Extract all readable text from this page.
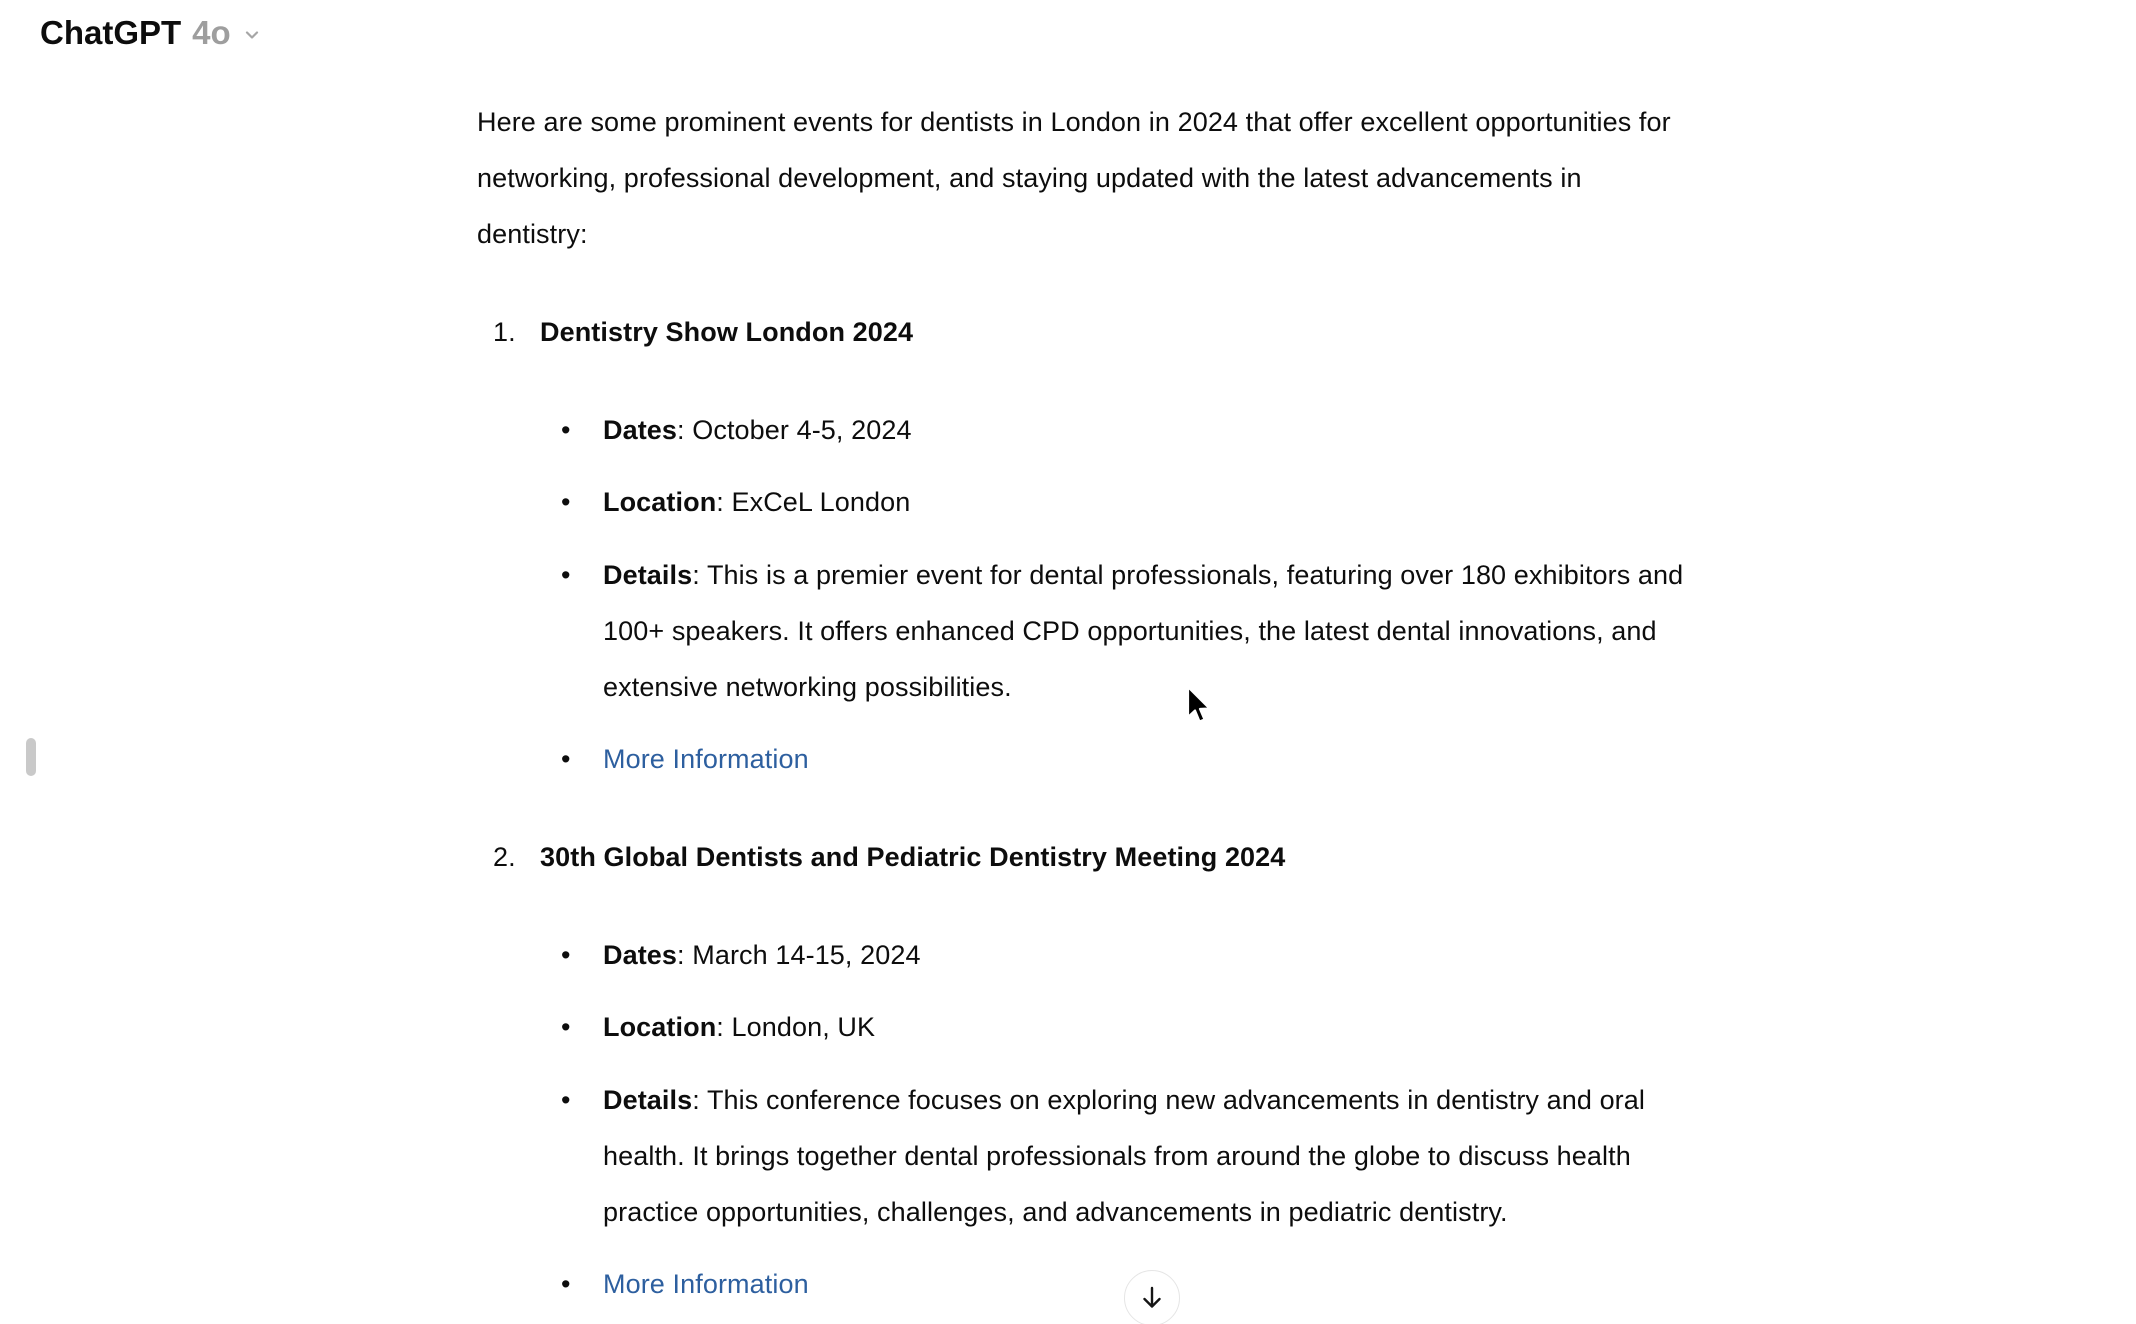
ChatGPT 4o
Here are some prominent events for dentists in London in 2024 that offer excellent opportunities for
networking, professional development, and staying updated with the latest advancements in
dentistry:
1. Dentistry Show London 2024
• Dates: October 4-5, 2024
• Location: ExCeL London
• Details: This is a premier event for dental professionals, featuring over 180 exhibitors and
100+ speakers. It offers enhanced CPD opportunities, the latest dental innovations, and
extensive networking possibilities.
• More Information
2. 30th Global Dentists and Pediatric Dentistry Meeting 2024
• Dates: March 14-15, 2024
• Location: London, UK
• Details: This conference focuses on exploring new advancements in dentistry and oral
health. It brings together dental professionals from around the globe to discuss health
practice opportunities, challenges, and advancements in pediatric dentistry.
• More Information
